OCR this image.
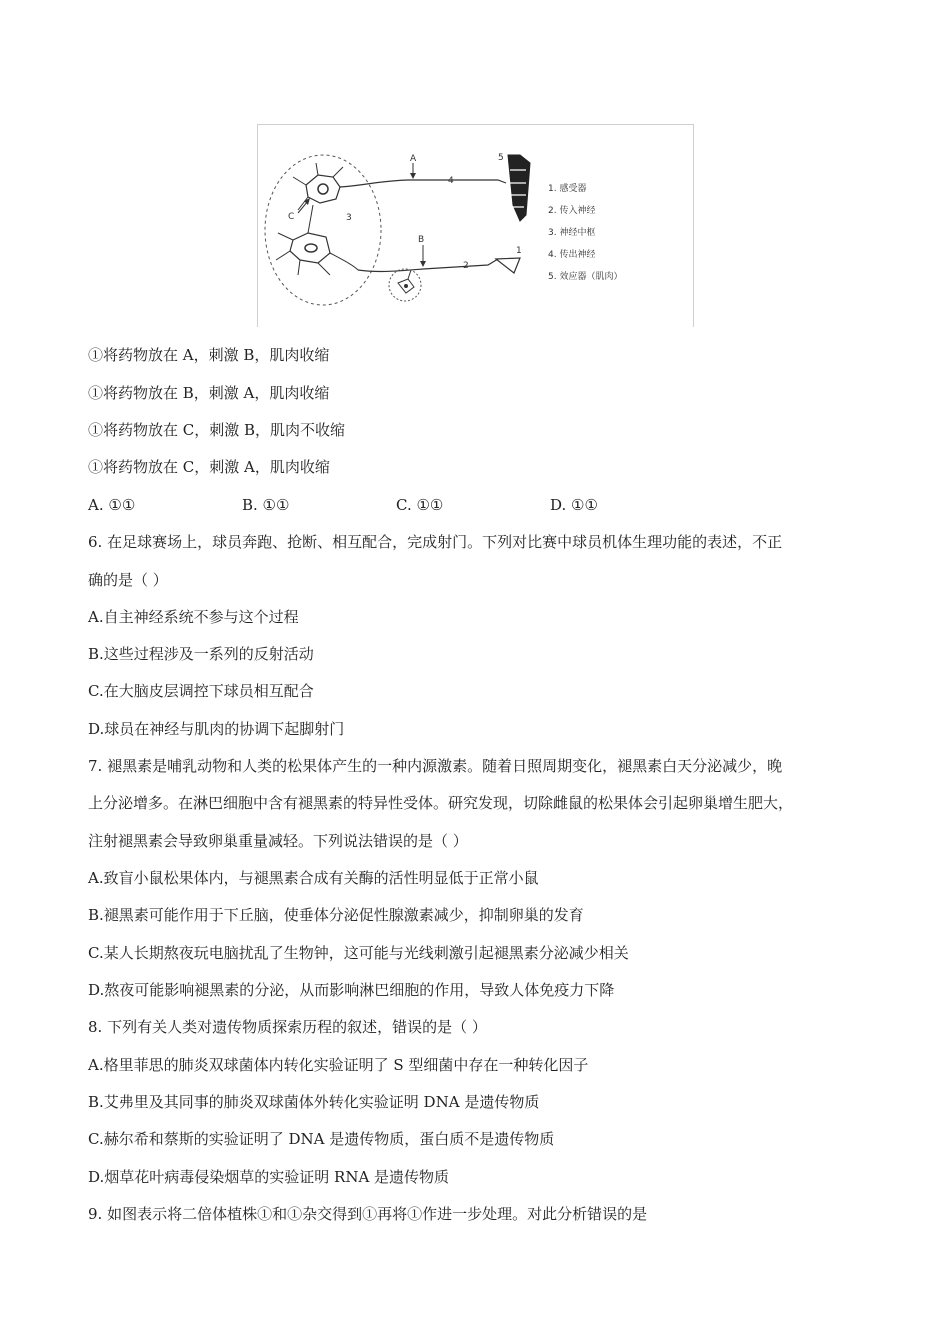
A
B
C
4
2
1
5
3
1. 感受器
2. 传入神经
3. 神经中枢
4. 传出神经
5. 效应器（肌肉）
①将药物放在 A，刺激 B，肌肉收缩
①将药物放在 B，刺激 A，肌肉收缩
①将药物放在 C，刺激 B，肌肉不收缩
①将药物放在 C，刺激 A，肌肉收缩
A. ①①	B. ①①	C. ①①	D. ①①
6. 在足球赛场上，球员奔跑、抢断、相互配合，完成射门。下列对比赛中球员机体生理功能的表述，不正
确的是（ ）
A.自主神经系统不参与这个过程
B.这些过程涉及一系列的反射活动
C.在大脑皮层调控下球员相互配合
D.球员在神经与肌肉的协调下起脚射门
7. 褪黑素是哺乳动物和人类的松果体产生的一种内源激素。随着日照周期变化，褪黑素白天分泌减少，晚
上分泌增多。在淋巴细胞中含有褪黑素的特异性受体。研究发现，切除雌鼠的松果体会引起卵巢增生肥大，
注射褪黑素会导致卵巢重量减轻。下列说法错误的是（ ）
A.致盲小鼠松果体内，与褪黑素合成有关酶的活性明显低于正常小鼠
B.褪黑素可能作用于下丘脑，使垂体分泌促性腺激素减少，抑制卵巢的发育
C.某人长期熬夜玩电脑扰乱了生物钟，这可能与光线刺激引起褪黑素分泌减少相关
D.熬夜可能影响褪黑素的分泌，从而影响淋巴细胞的作用，导致人体免疫力下降
8. 下列有关人类对遗传物质探索历程的叙述，错误的是（ ）
A.格里菲思的肺炎双球菌体内转化实验证明了 S 型细菌中存在一种转化因子
B.艾弗里及其同事的肺炎双球菌体外转化实验证明 DNA 是遗传物质
C.赫尔希和蔡斯的实验证明了 DNA 是遗传物质，蛋白质不是遗传物质
D.烟草花叶病毒侵染烟草的实验证明 RNA 是遗传物质
9. 如图表示将二倍体植株①和①杂交得到①再将①作进一步处理。对此分析错误的是
